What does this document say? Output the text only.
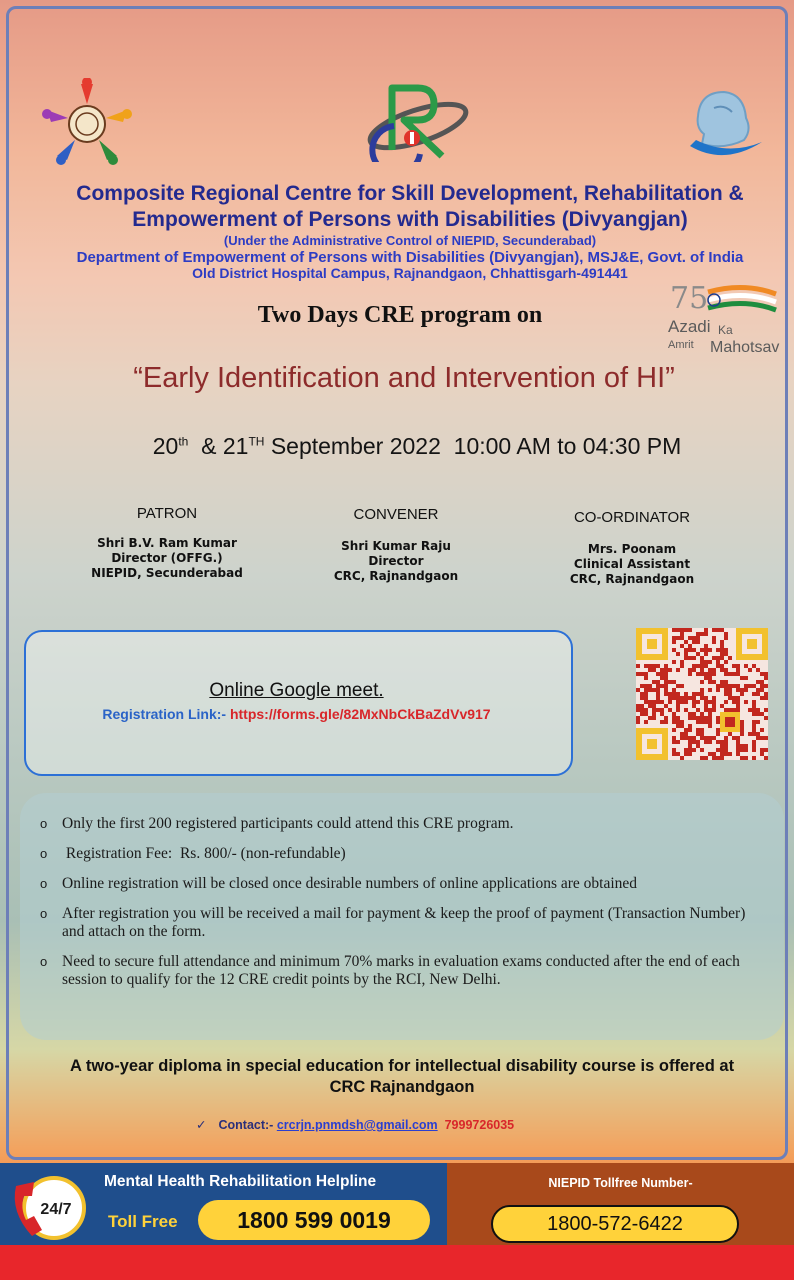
Composite Regional Centre for Skill Development, Rehabilitation &
Empowerment of Persons with Disabilities (Divyangjan)
(Under the Administrative Control of NIEPID, Secunderabad)
Department of Empowerment of Persons with Disabilities (Divyangjan), MSJ&E, Govt. of India
Old District Hospital Campus, Rajnandgaon, Chhattisgarh-491441
75
Azadi Ka
Amrit Mahotsav
Two Days CRE program on
“Early Identification and Intervention of HI”
20th  & 21TH September 2022  10:00 AM to 04:30 PM
PATRON
Shri B.V. Ram Kumar
Director (OFFG.)
NIEPID, Secunderabad
CONVENER
Shri Kumar Raju
Director
CRC, Rajnandgaon
CO-ORDINATOR
Mrs. Poonam
Clinical Assistant
CRC, Rajnandgaon
Online Google meet.
Registration Link:- https://forms.gle/82MxNbCkBaZdVv917
o Only the first 200 registered participants could attend this CRE program.
o  Registration Fee:  Rs. 800/- (non-refundable)
o Online registration will be closed once desirable numbers of online applications are obtained
o After registration you will be received a mail for payment & keep the proof of payment (Transaction Number) and attach on the form.
o Need to secure full attendance and minimum 70% marks in evaluation exams conducted after the end of each session to qualify for the 12 CRE credit points by the RCI, New Delhi.
A two-year diploma in special education for intellectual disability course is offered at
CRC Rajnandgaon
✓ Contact:- crcrjn.pnmdsh@gmail.com 7999726035
24/7
Mental Health Rehabilitation Helpline
Toll Free	1800 599 0019
NIEPID Tollfree Number-
1800-572-6422
